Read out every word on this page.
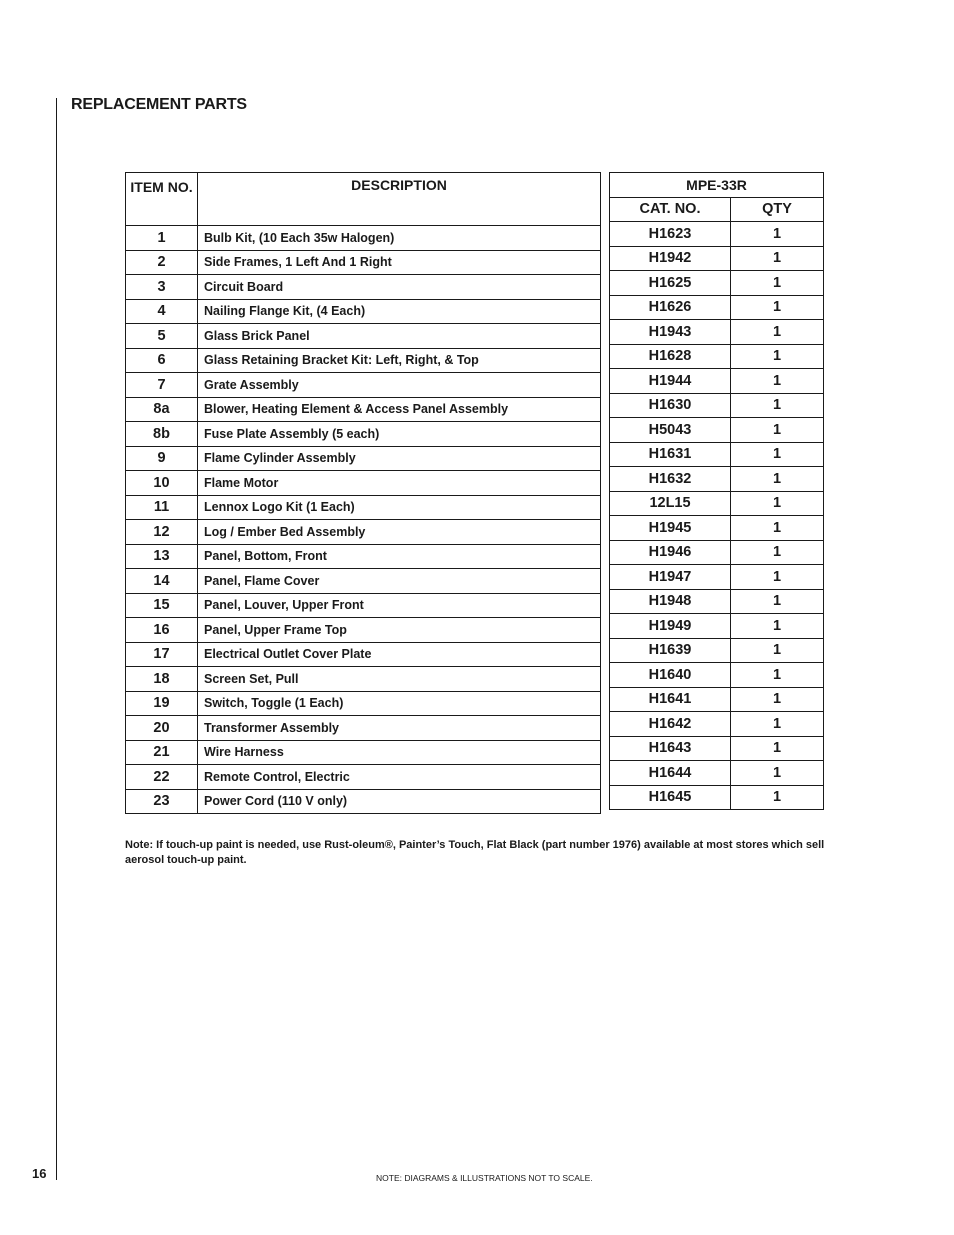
REPLACEMENT PARTS
ITEM NO.	DESCRIPTION
1	Bulb Kit, (10 Each 35w Halogen)
2	Side Frames, 1 Left And 1 Right
3	Circuit Board
4	Nailing Flange Kit, (4 Each)
5	Glass Brick Panel
6	Glass Retaining Bracket Kit: Left, Right, & Top
7	Grate Assembly
8a	Blower, Heating Element & Access Panel Assembly
8b	Fuse Plate Assembly (5 each)
9	Flame Cylinder Assembly
10	Flame Motor
11	Lennox Logo Kit (1 Each)
12	Log / Ember Bed Assembly
13	Panel, Bottom, Front
14	Panel, Flame Cover
15	Panel, Louver, Upper Front
16	Panel, Upper Frame Top
17	Electrical Outlet Cover Plate
18	Screen Set, Pull
19	Switch, Toggle (1 Each)
20	Transformer Assembly
21	Wire Harness
22	Remote Control, Electric
23	Power Cord (110 V only)
MPE-33R	
CAT. NO.	QTY
H1623	1
H1942	1
H1625	1
H1626	1
H1943	1
H1628	1
H1944	1
H1630	1
H5043	1
H1631	1
H1632	1
12L15	1
H1945	1
H1946	1
H1947	1
H1948	1
H1949	1
H1639	1
H1640	1
H1641	1
H1642	1
H1643	1
H1644	1
H1645	1
Note: If touch-up paint is needed, use Rust-oleum®, Painter’s Touch, Flat Black (part number 1976) available at most stores which sell aerosol touch-up paint.
16	NOTE: DIAGRAMS & ILLUSTRATIONS NOT TO SCALE.
